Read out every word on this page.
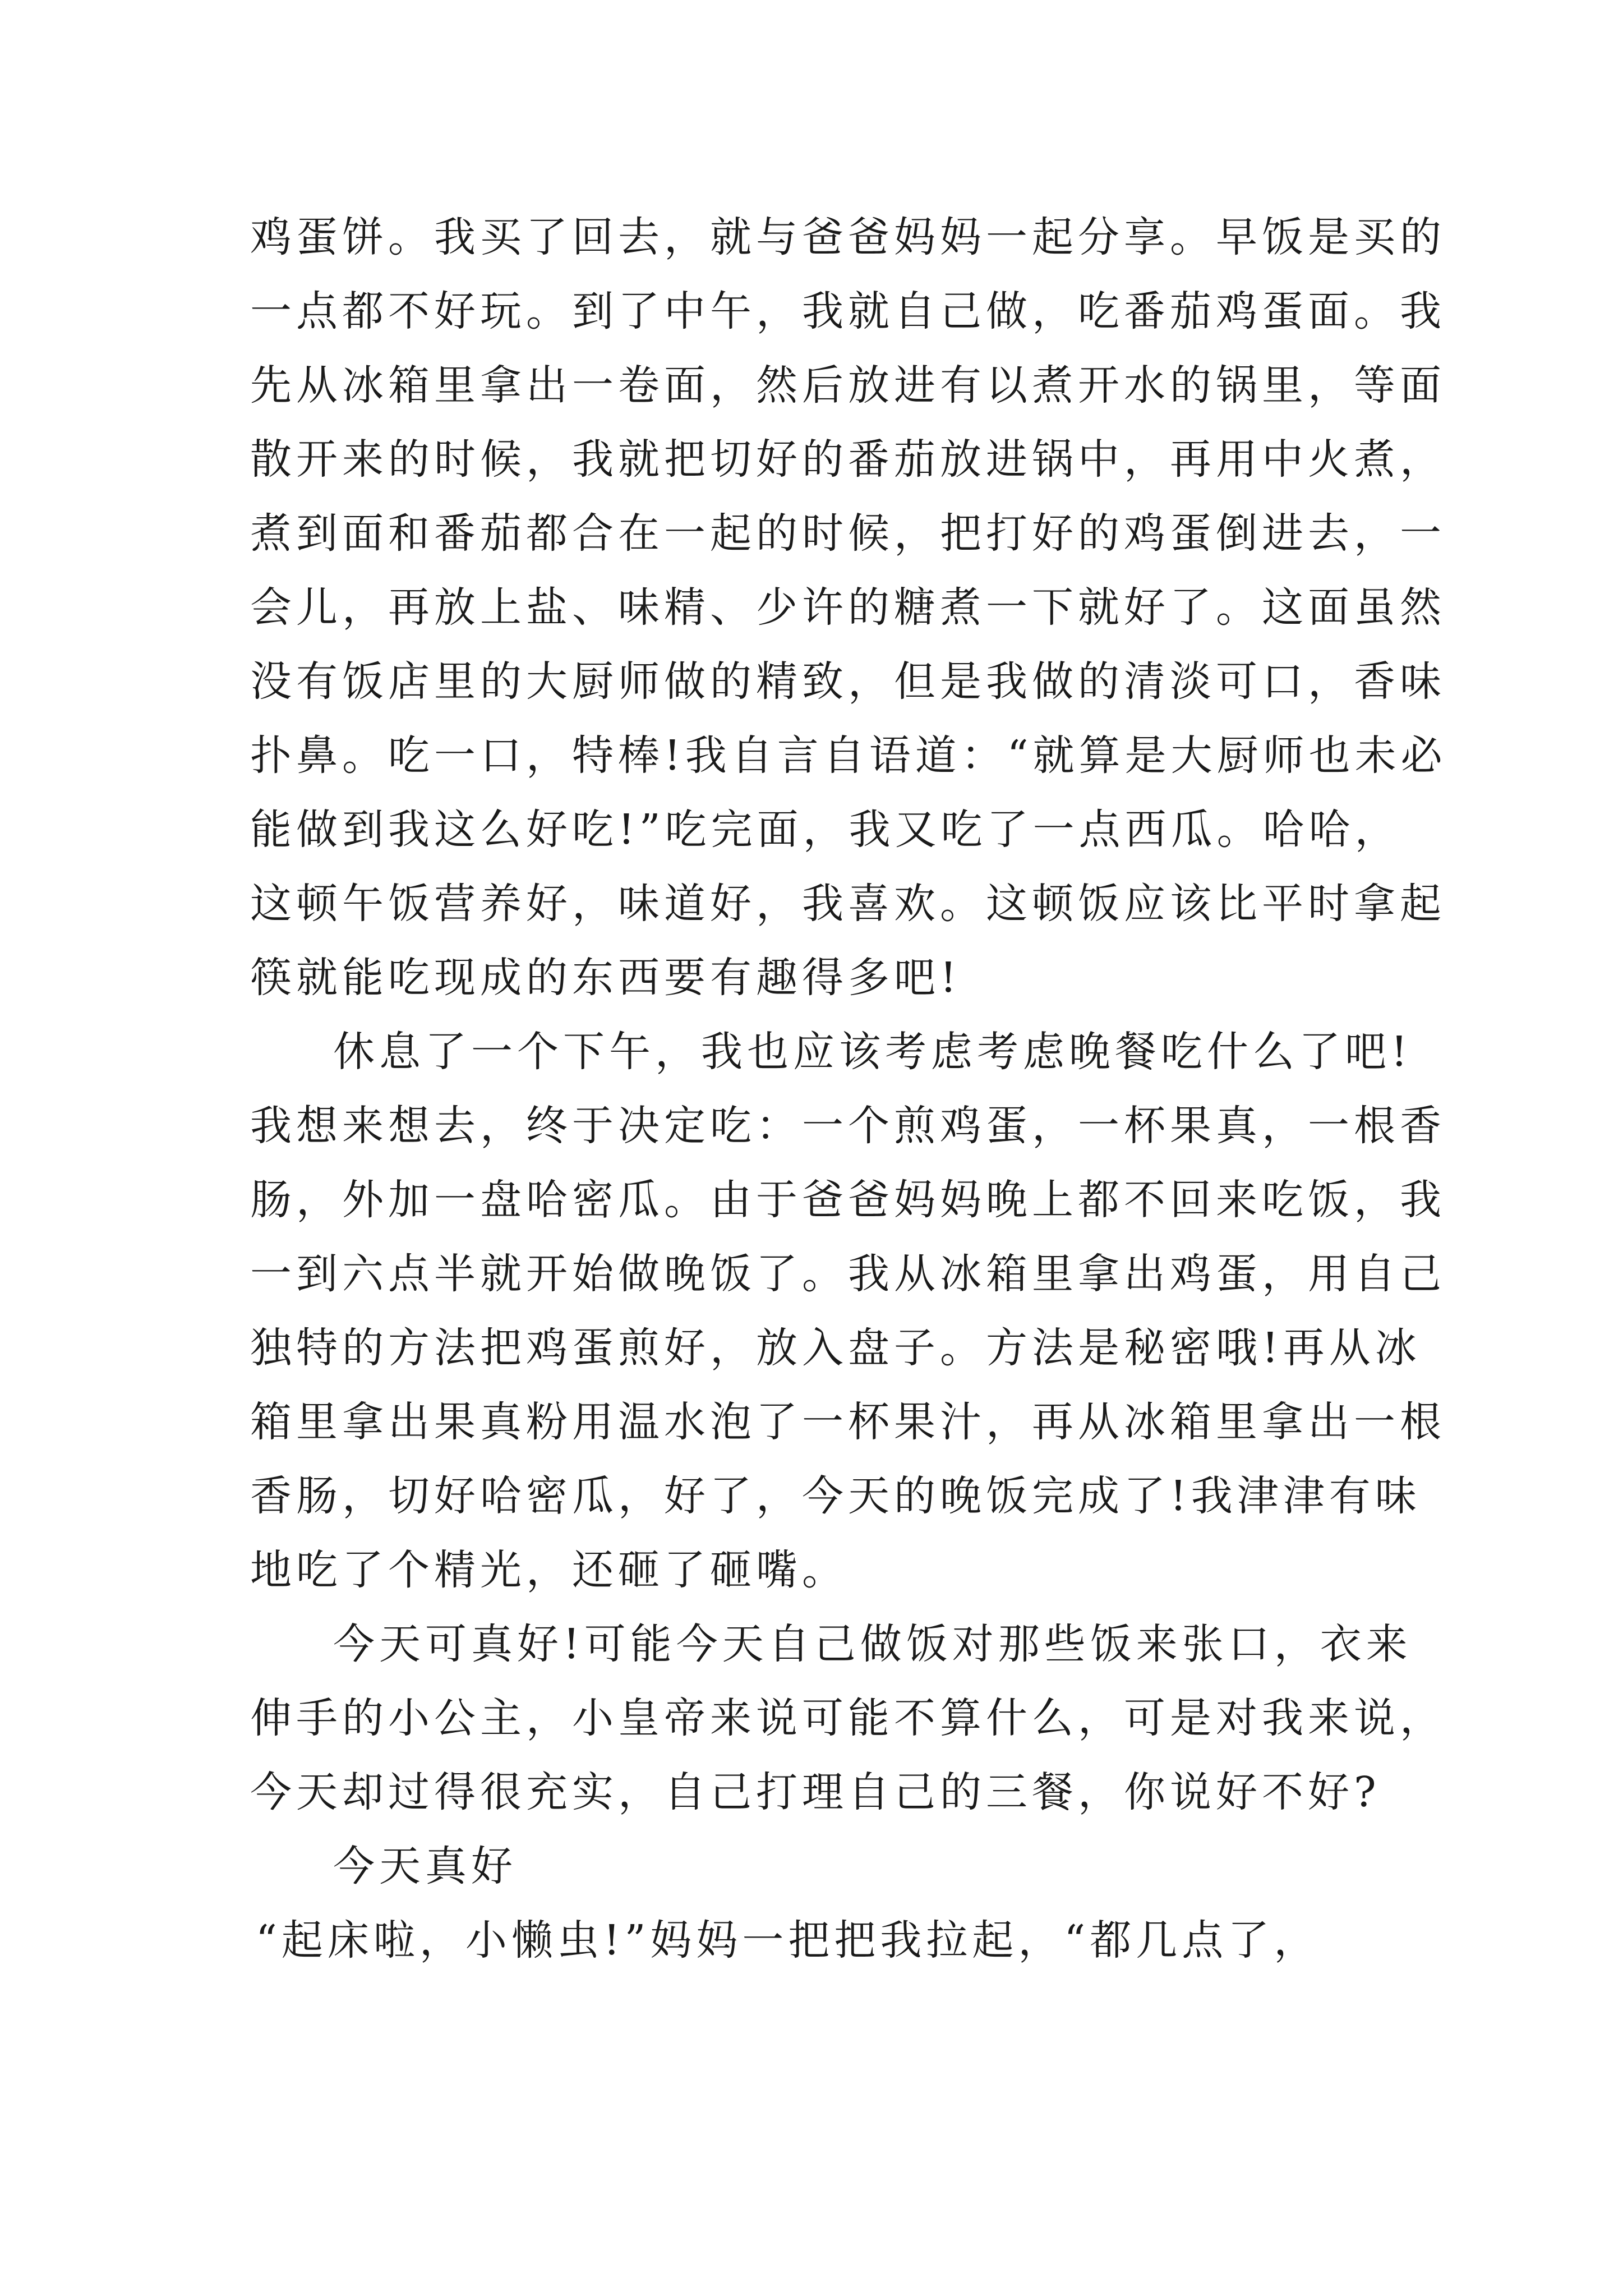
鸡蛋饼。我买了回去，就与爸爸妈妈一起分享。早饭是买的
一点都不好玩。到了中午，我就自己做，吃番茄鸡蛋面。我
先从冰箱里拿出一卷面，然后放进有以煮开水的锅里，等面
散开来的时候，我就把切好的番茄放进锅中，再用中火煮，
煮到面和番茄都合在一起的时候，把打好的鸡蛋倒进去，一
会儿，再放上盐、味精、少许的糖煮一下就好了。这面虽然
没有饭店里的大厨师做的精致，但是我做的清淡可口，香味
扑鼻。吃一口，特棒!我自言自语道：“就算是大厨师也未必
能做到我这么好吃!”吃完面，我又吃了一点西瓜。哈哈，
这顿午饭营养好，味道好，我喜欢。这顿饭应该比平时拿起
筷就能吃现成的东西要有趣得多吧!
休息了一个下午，我也应该考虑考虑晚餐吃什么了吧!
我想来想去，终于决定吃：一个煎鸡蛋，一杯果真，一根香
肠，外加一盘哈密瓜。由于爸爸妈妈晚上都不回来吃饭，我
一到六点半就开始做晚饭了。我从冰箱里拿出鸡蛋，用自己
独特的方法把鸡蛋煎好，放入盘子。方法是秘密哦!再从冰
箱里拿出果真粉用温水泡了一杯果汁，再从冰箱里拿出一根
香肠，切好哈密瓜，好了，今天的晚饭完成了!我津津有味
地吃了个精光，还砸了砸嘴。
今天可真好!可能今天自己做饭对那些饭来张口，衣来
伸手的小公主，小皇帝来说可能不算什么，可是对我来说，
今天却过得很充实，自己打理自己的三餐，你说好不好?
今天真好
“起床啦，小懒虫!”妈妈一把把我拉起，“都几点了，
